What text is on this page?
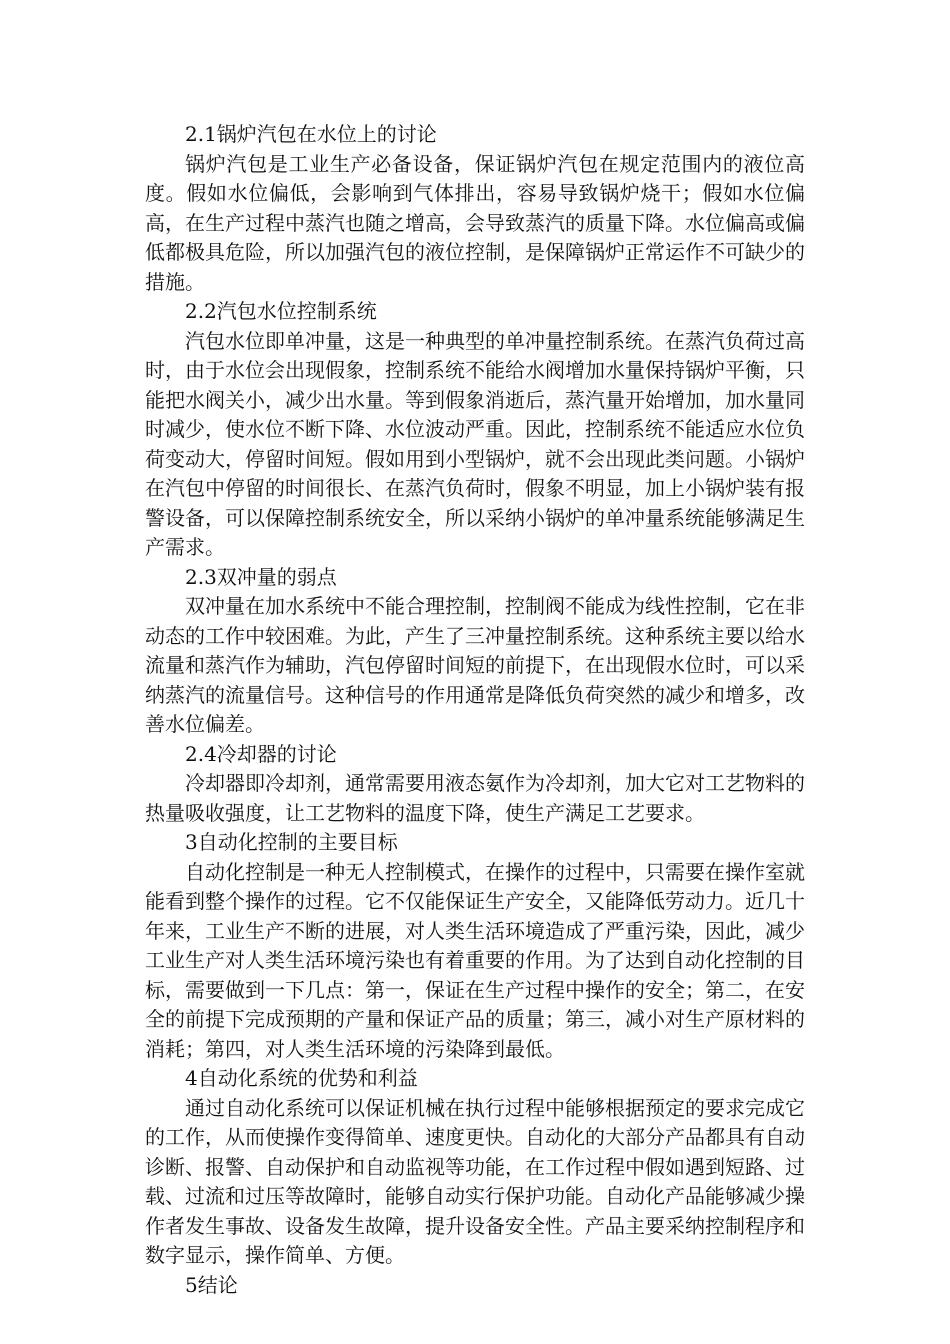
2.1锅炉汽包在水位上的讨论

锅炉汽包是工业生产必备设备，保证锅炉汽包在规定范围内的液位高度。假如水位偏低，会影响到气体排出，容易导致锅炉烧干；假如水位偏高，在生产过程中蒸汽也随之增高，会导致蒸汽的质量下降。水位偏高或偏低都极具危险，所以加强汽包的液位控制，是保障锅炉正常运作不可缺少的措施。

2.2汽包水位控制系统

汽包水位即单冲量，这是一种典型的单冲量控制系统。在蒸汽负荷过高时，由于水位会出现假象，控制系统不能给水阀增加水量保持锅炉平衡，只能把水阀关小，减少出水量。等到假象消逝后，蒸汽量开始增加，加水量同时减少，使水位不断下降、水位波动严重。因此，控制系统不能适应水位负荷变动大，停留时间短。假如用到小型锅炉，就不会出现此类问题。小锅炉在汽包中停留的时间很长、在蒸汽负荷时，假象不明显，加上小锅炉装有报警设备，可以保障控制系统安全，所以采纳小锅炉的单冲量系统能够满足生产需求。

2.3双冲量的弱点

双冲量在加水系统中不能合理控制，控制阀不能成为线性控制，它在非动态的工作中较困难。为此，产生了三冲量控制系统。这种系统主要以给水流量和蒸汽作为辅助，汽包停留时间短的前提下，在出现假水位时，可以采纳蒸汽的流量信号。这种信号的作用通常是降低负荷突然的减少和增多，改善水位偏差。

2.4冷却器的讨论

冷却器即冷却剂，通常需要用液态氨作为冷却剂，加大它对工艺物料的热量吸收强度，让工艺物料的温度下降，使生产满足工艺要求。

3自动化控制的主要目标

自动化控制是一种无人控制模式，在操作的过程中，只需要在操作室就能看到整个操作的过程。它不仅能保证生产安全，又能降低劳动力。近几十年来，工业生产不断的进展，对人类生活环境造成了严重污染，因此，减少工业生产对人类生活环境污染也有着重要的作用。为了达到自动化控制的目标，需要做到一下几点：第一，保证在生产过程中操作的安全；第二，在安全的前提下完成预期的产量和保证产品的质量；第三，减小对生产原材料的消耗；第四，对人类生活环境的污染降到最低。

4自动化系统的优势和利益

通过自动化系统可以保证机械在执行过程中能够根据预定的要求完成它的工作，从而使操作变得简单、速度更快。自动化的大部分产品都具有自动诊断、报警、自动保护和自动监视等功能，在工作过程中假如遇到短路、过载、过流和过压等故障时，能够自动实行保护功能。自动化产品能够减少操作者发生事故、设备发生故障，提升设备安全性。产品主要采纳控制程序和数字显示，操作简单、方便。

5结论
